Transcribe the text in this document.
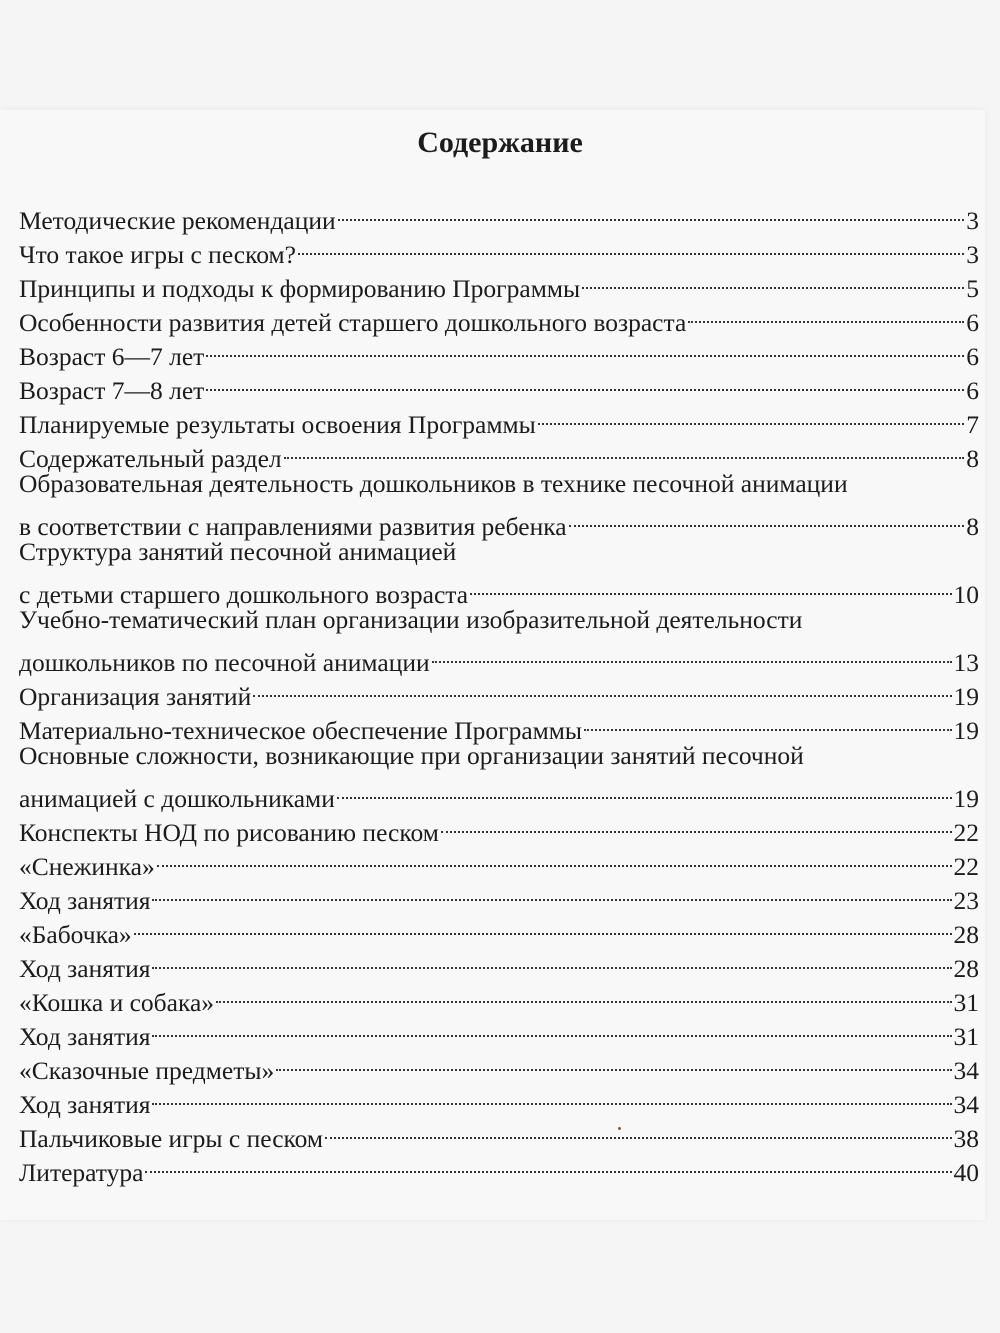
Содержание
Методические рекомендации	3
Что такое игры с песком?	3
Принципы и подходы к формированию Программы	5
Особенности развития детей старшего дошкольного возраста	6
Возраст 6—7 лет	6
Возраст 7—8 лет	6
Планируемые результаты освоения Программы	7
Содержательный раздел	8
Образовательная деятельность дошкольников в технике песочной анимации
в соответствии с направлениями развития ребенка	8
Структура занятий песочной анимацией
с детьми старшего дошкольного возраста	10
Учебно-тематический план организации изобразительной деятельности
дошкольников по песочной анимации	13
Организация занятий	19
Материально-техническое обеспечение Программы	19
Основные сложности, возникающие при организации занятий песочной
анимацией с дошкольниками	19
Конспекты НОД по рисованию песком	22
«Снежинка»	22
Ход занятия	23
«Бабочка»	28
Ход занятия	28
«Кошка и собака»	31
Ход занятия	31
«Сказочные предметы»	34
Ход занятия	34
Пальчиковые игры с песком	38
Литература	40
